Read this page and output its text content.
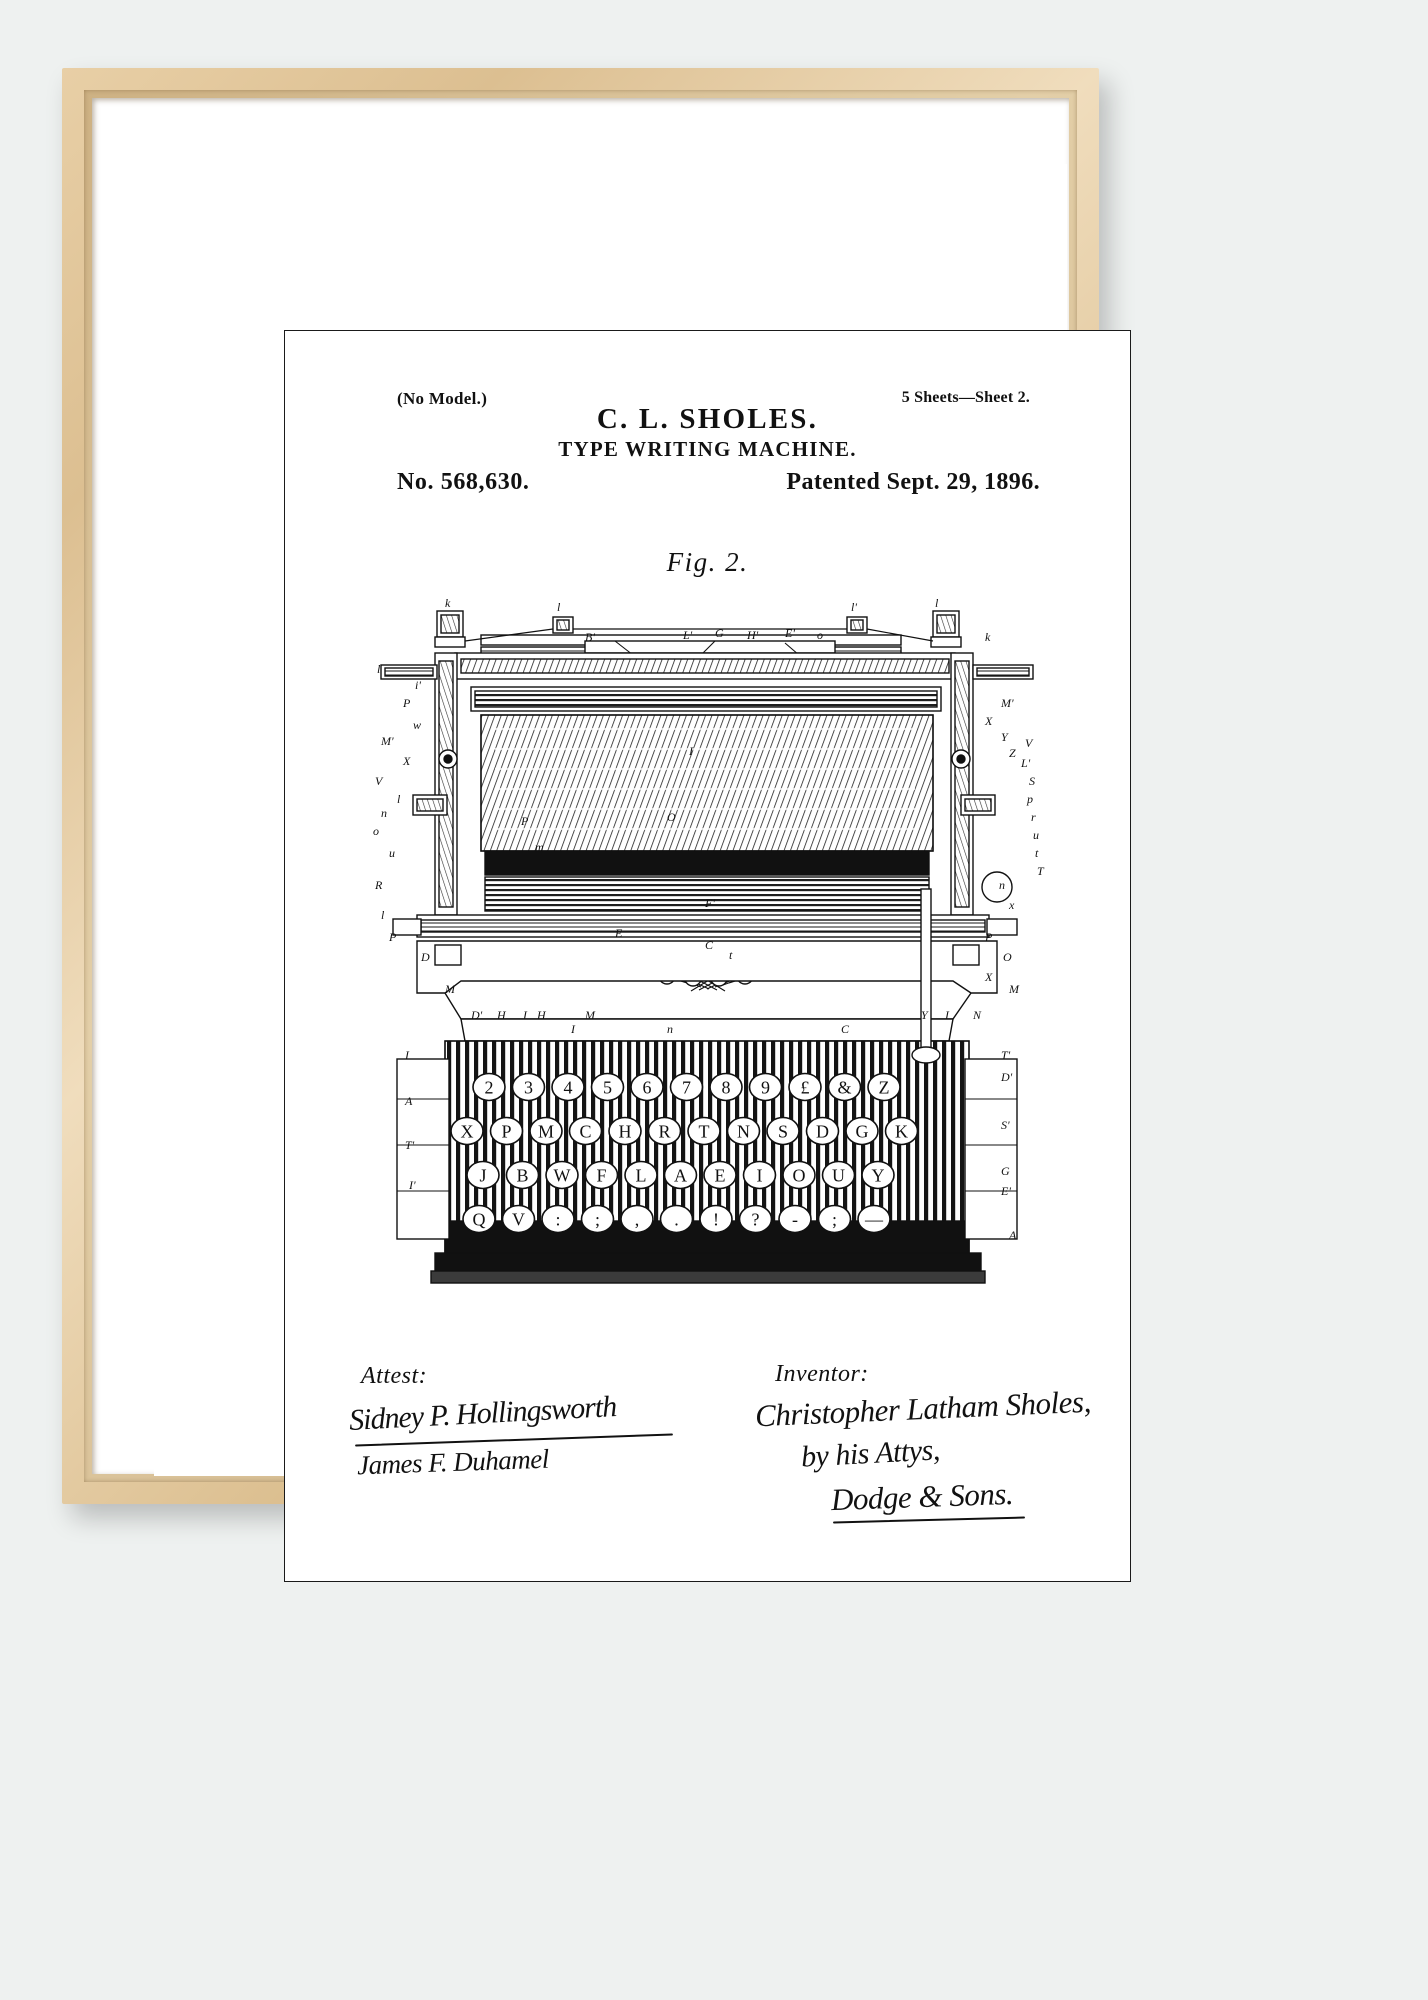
(No Model.)	5 Sheets—Sheet 2.
C. L. SHOLES.
TYPE WRITING MACHINE.
No. 568,630.	Patented Sept. 29, 1896.
Fig. 2.
2 3 4 5 6 7 8 9 £ & Z
X P M C H R T N S D G K
J B W F L A E I O U Y
Q V : ; , . ! ? - ; —
k	l
B'	L' G H' E' o
l'	l
k
l
i'
P
w
M'
X
V
l
n
o
u
R
l
P
D
M
D' H I	M
I
A
T'
I'
M'
X
Y
Z
V
L'
S
p
r
u
t
T
n
x
P
O
X
M
N
I
T'
D'
S'
G
E'
A
I
O
P
m
F'
E
C
t
n
H
I	C
Y
Attest:	Inventor:
Sidney P. Hollingsworth
James F. Duhamel
Christopher Latham Sholes,
by his Attys,
Dodge & Sons.
